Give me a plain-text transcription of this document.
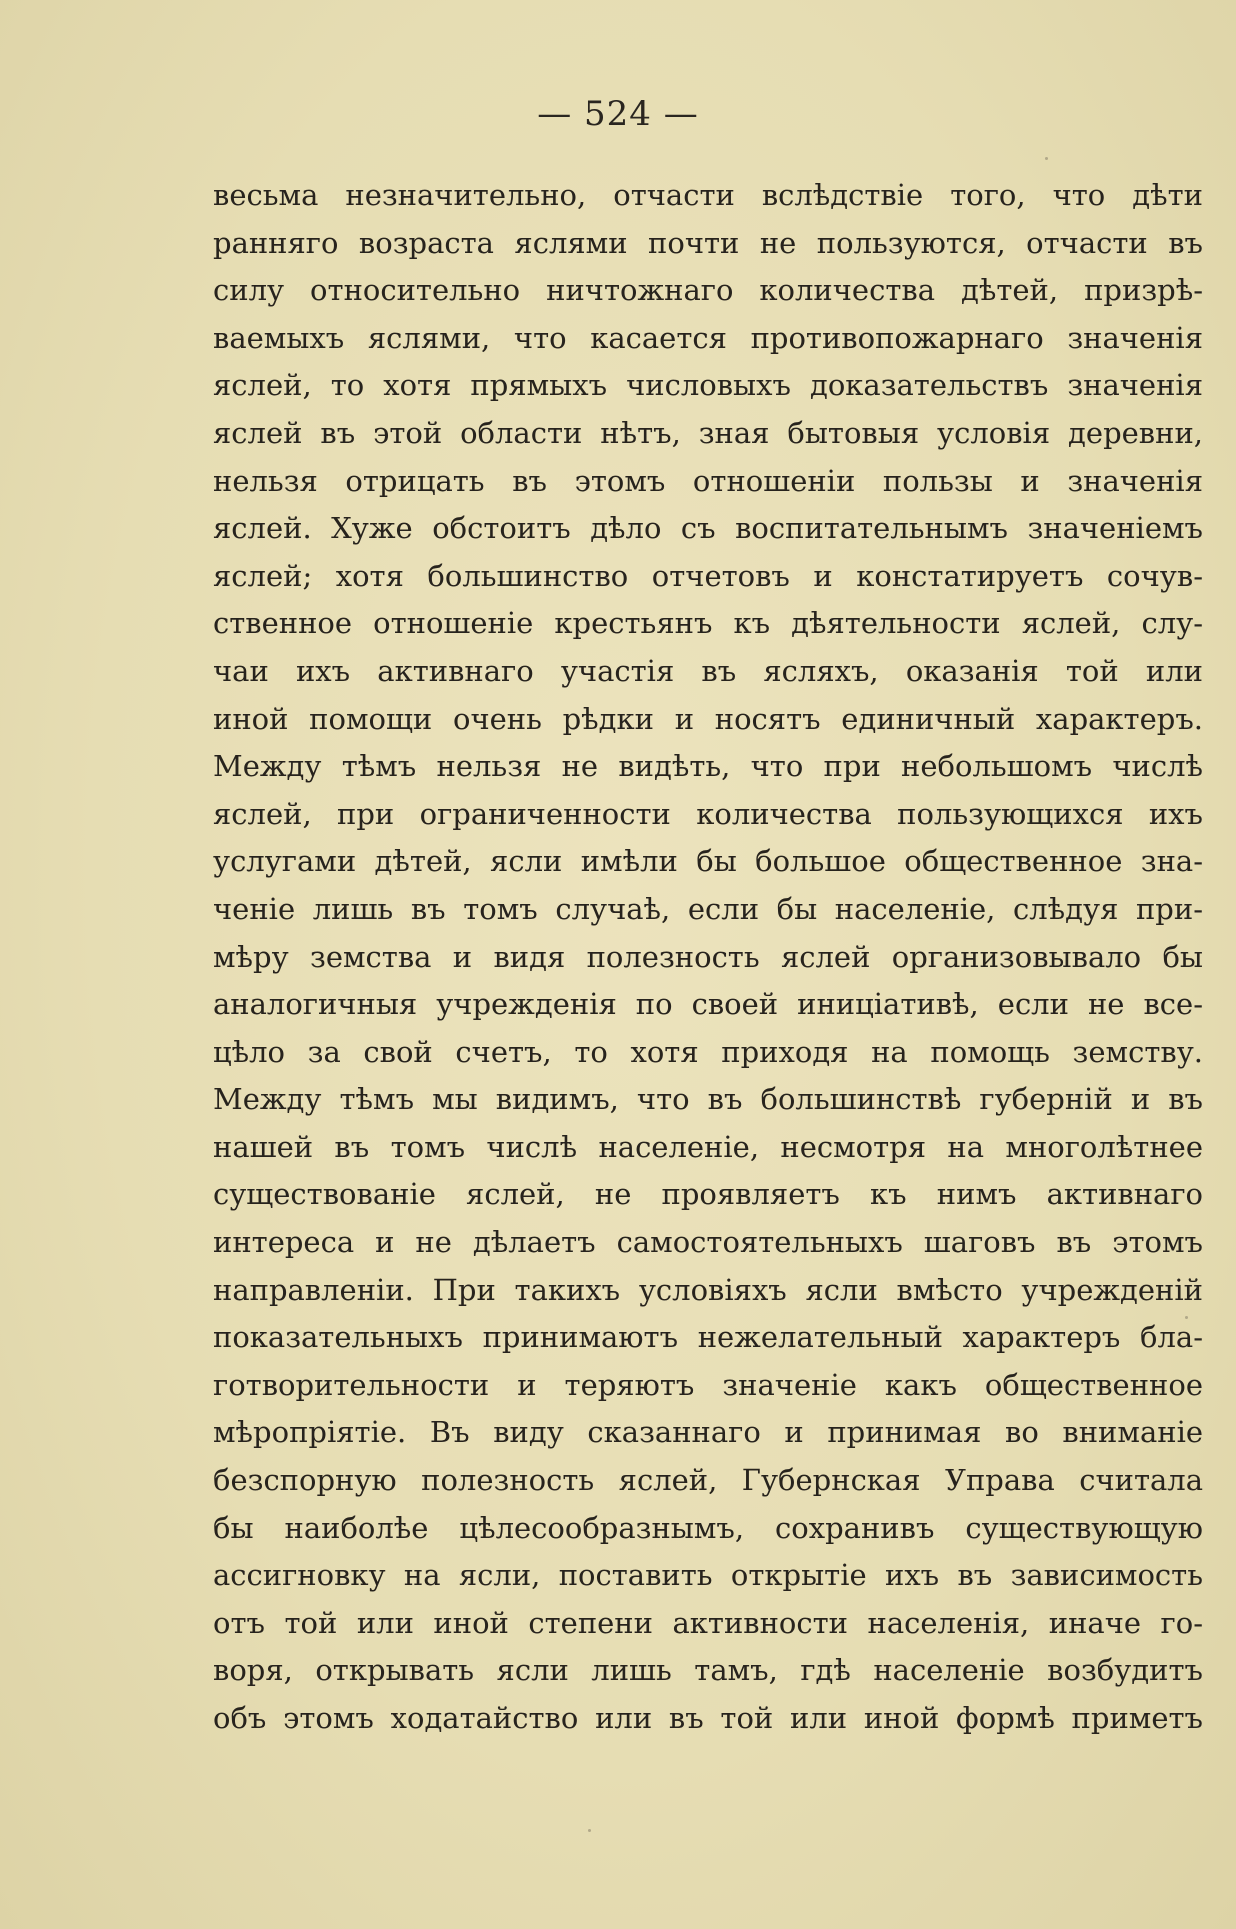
— 524 —
весьма незначительно, отчасти вслѣдствіе того, что дѣти
ранняго возраста яслями почти не пользуются, отчасти въ
силу относительно ничтожнаго количества дѣтей, призрѣ-
ваемыхъ яслями, что касается противопожарнаго значенія
яслей, то хотя прямыхъ числовыхъ доказательствъ значенія
яслей въ этой области нѣтъ, зная бытовыя условія деревни,
нельзя отрицать въ этомъ отношеніи пользы и значенія
яслей. Хуже обстоитъ дѣло съ воспитательнымъ значеніемъ
яслей; хотя большинство отчетовъ и констатируетъ сочув-
ственное отношеніе крестьянъ къ дѣятельности яслей, слу-
чаи ихъ активнаго участія въ ясляхъ, оказанія той или
иной помощи очень рѣдки и носятъ единичный характеръ.
Между тѣмъ нельзя не видѣть, что при небольшомъ числѣ
яслей, при ограниченности количества пользующихся ихъ
услугами дѣтей, ясли имѣли бы большое общественное зна-
ченіе лишь въ томъ случаѣ, если бы населеніе, слѣдуя при-
мѣру земства и видя полезность яслей организовывало бы
аналогичныя учрежденія по своей иниціативѣ, если не все-
цѣло за свой счетъ, то хотя приходя на помощь земству.
Между тѣмъ мы видимъ, что въ большинствѣ губерній и въ
нашей въ томъ числѣ населеніе, несмотря на многолѣтнее
существованіе яслей, не проявляетъ къ нимъ активнаго
интереса и не дѣлаетъ самостоятельныхъ шаговъ въ этомъ
направленіи. При такихъ условіяхъ ясли вмѣсто учрежденій
показательныхъ принимаютъ нежелательный характеръ бла-
готворительности и теряютъ значеніе какъ общественное
мѣропріятіе. Въ виду сказаннаго и принимая во вниманіе
безспорную полезность яслей, Губернская Управа считала
бы наиболѣе цѣлесообразнымъ, сохранивъ существующую
ассигновку на ясли, поставить открытіе ихъ въ зависимость
отъ той или иной степени активности населенія, иначе го-
воря, открывать ясли лишь тамъ, гдѣ населеніе возбудитъ
объ этомъ ходатайство или въ той или иной формѣ приметъ
